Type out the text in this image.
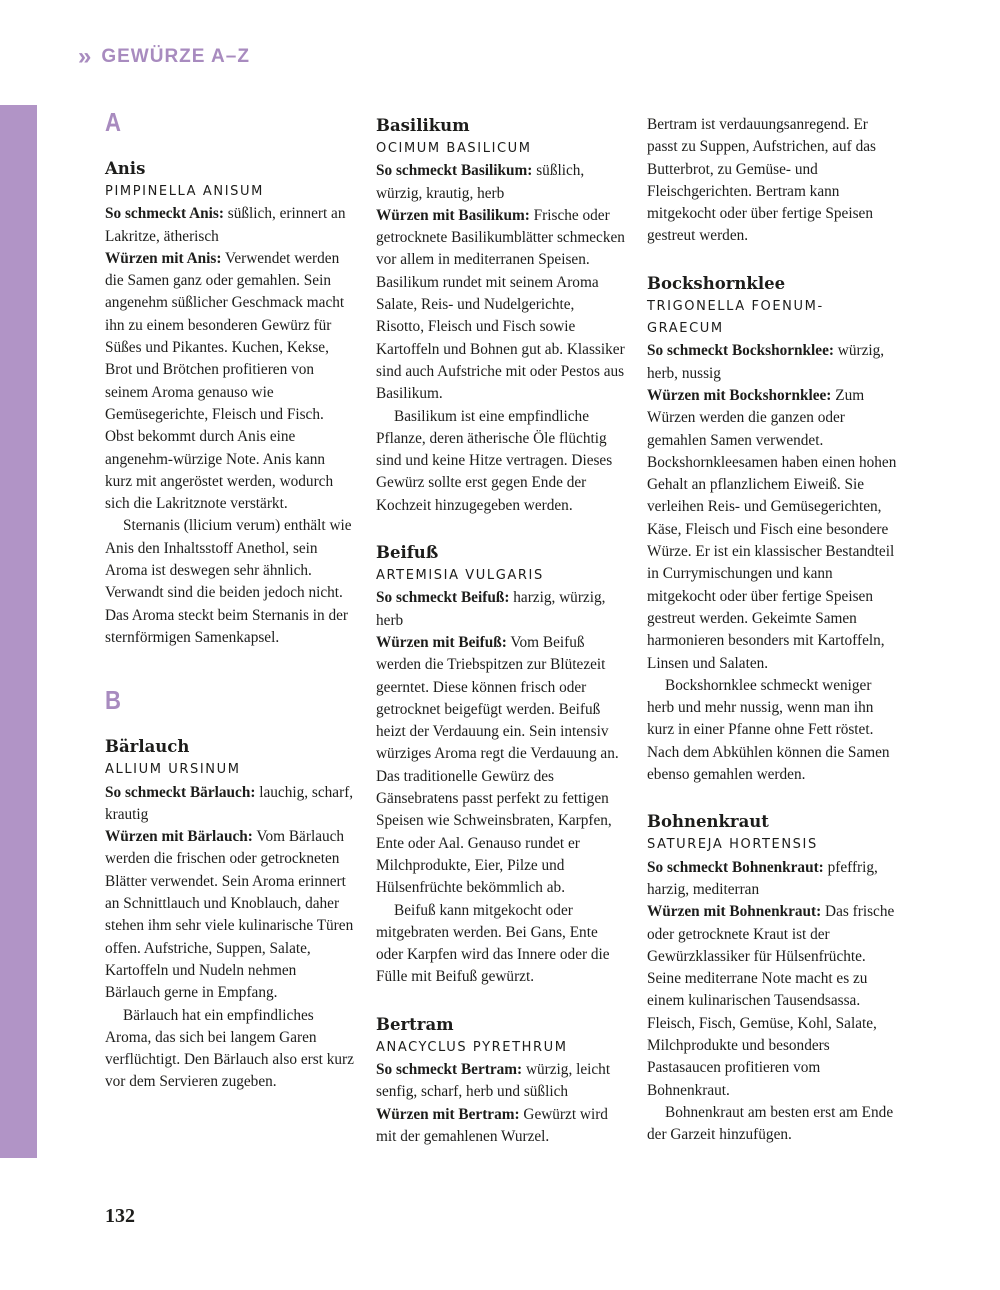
» GEWÜRZE A–Z
A
Anis
PIMPINELLA ANISUM

So schmeckt Anis: süßlich, erinnert an Lakritze, ätherisch

Würzen mit Anis: Verwendet werden die Samen ganz oder gemahlen. Sein angenehm süßlicher Geschmack macht ihn zu einem besonderen Gewürz für Süßes und Pikantes. Kuchen, Kekse, Brot und Brötchen profitieren von seinem Aroma genauso wie Gemüsegerichte, Fleisch und Fisch. Obst bekommt durch Anis eine angenehm-würzige Note. Anis kann kurz mit angeröstet werden, wodurch sich die Lakritznote verstärkt.

Sternanis (llicium verum) enthält wie Anis den Inhaltsstoff Anethol, sein Aroma ist deswegen sehr ähnlich. Verwandt sind die beiden jedoch nicht. Das Aroma steckt beim Sternanis in der sternförmigen Samenkapsel.

B
Bärlauch
ALLIUM URSINUM

So schmeckt Bärlauch: lauchig, scharf, krautig

Würzen mit Bärlauch: Vom Bärlauch werden die frischen oder getrockneten Blätter verwendet. Sein Aroma erinnert an Schnittlauch und Knoblauch, daher stehen ihm sehr viele kulinarische Türen offen. Aufstriche, Suppen, Salate, Kartoffeln und Nudeln nehmen Bärlauch gerne in Empfang.

Bärlauch hat ein empfindliches Aroma, das sich bei langem Garen verflüchtigt. Den Bärlauch also erst kurz vor dem Servieren zugeben.

Basilikum
OCIMUM BASILICUM

So schmeckt Basilikum: süßlich, würzig, krautig, herb

Würzen mit Basilikum: Frische oder getrocknete Basilikumblätter schmecken vor allem in mediterranen Speisen. Basilikum rundet mit seinem Aroma Salate, Reis- und Nudelgerichte, Risotto, Fleisch und Fisch sowie Kartoffeln und Bohnen gut ab. Klassiker sind auch Aufstriche mit oder Pestos aus Basilikum.

Basilikum ist eine empfindliche Pflanze, deren ätherische Öle flüchtig sind und keine Hitze vertragen. Dieses Gewürz sollte erst gegen Ende der Kochzeit hinzugegeben werden.

Beifuß
ARTEMISIA VULGARIS

So schmeckt Beifuß: harzig, würzig, herb

Würzen mit Beifuß: Vom Beifuß werden die Triebspitzen zur Blütezeit geerntet. Diese können frisch oder getrocknet beigefügt werden. Beifuß heizt der Verdauung ein. Sein intensiv würziges Aroma regt die Verdauung an. Das traditionelle Gewürz des Gänsebratens passt perfekt zu fettigen Speisen wie Schweinsbraten, Karpfen, Ente oder Aal. Genauso rundet er Milchprodukte, Eier, Pilze und Hülsenfrüchte bekömmlich ab.

Beifuß kann mitgekocht oder mitgebraten werden. Bei Gans, Ente oder Karpfen wird das Innere oder die Fülle mit Beifuß gewürzt.

Bertram
ANACYCLUS PYRETHRUM

So schmeckt Bertram: würzig, leicht senfig, scharf, herb und süßlich

Würzen mit Bertram: Gewürzt wird mit der gemahlenen Wurzel.

Bertram ist verdauungsanregend. Er passt zu Suppen, Aufstrichen, auf das Butterbrot, zu Gemüse- und Fleischgerichten. Bertram kann mitgekocht oder über fertige Speisen gestreut werden.

Bockshornklee
TRIGONELLA FOENUM-GRAECUM

So schmeckt Bockshornklee: würzig, herb, nussig

Würzen mit Bockshornklee: Zum Würzen werden die ganzen oder gemahlen Samen verwendet. Bockshornkleesamen haben einen hohen Gehalt an pflanzlichem Eiweiß. Sie verleihen Reis- und Gemüsegerichten, Käse, Fleisch und Fisch eine besondere Würze. Er ist ein klassischer Bestandteil in Currymischungen und kann mitgekocht oder über fertige Speisen gestreut werden. Gekeimte Samen harmonieren besonders mit Kartoffeln, Linsen und Salaten.

Bockshornklee schmeckt weniger herb und mehr nussig, wenn man ihn kurz in einer Pfanne ohne Fett röstet. Nach dem Abkühlen können die Samen ebenso gemahlen werden.

Bohnenkraut
SATUREJA HORTENSIS

So schmeckt Bohnenkraut: pfeffrig, harzig, mediterran

Würzen mit Bohnenkraut: Das frische oder getrocknete Kraut ist der Gewürzklassiker für Hülsenfrüchte. Seine mediterrane Note macht es zu einem kulinarischen Tausendsassa. Fleisch, Fisch, Gemüse, Kohl, Salate, Milchprodukte und besonders Pastasaucen profitieren vom Bohnenkraut.

Bohnenkraut am besten erst am Ende der Garzeit hinzufügen.

132
